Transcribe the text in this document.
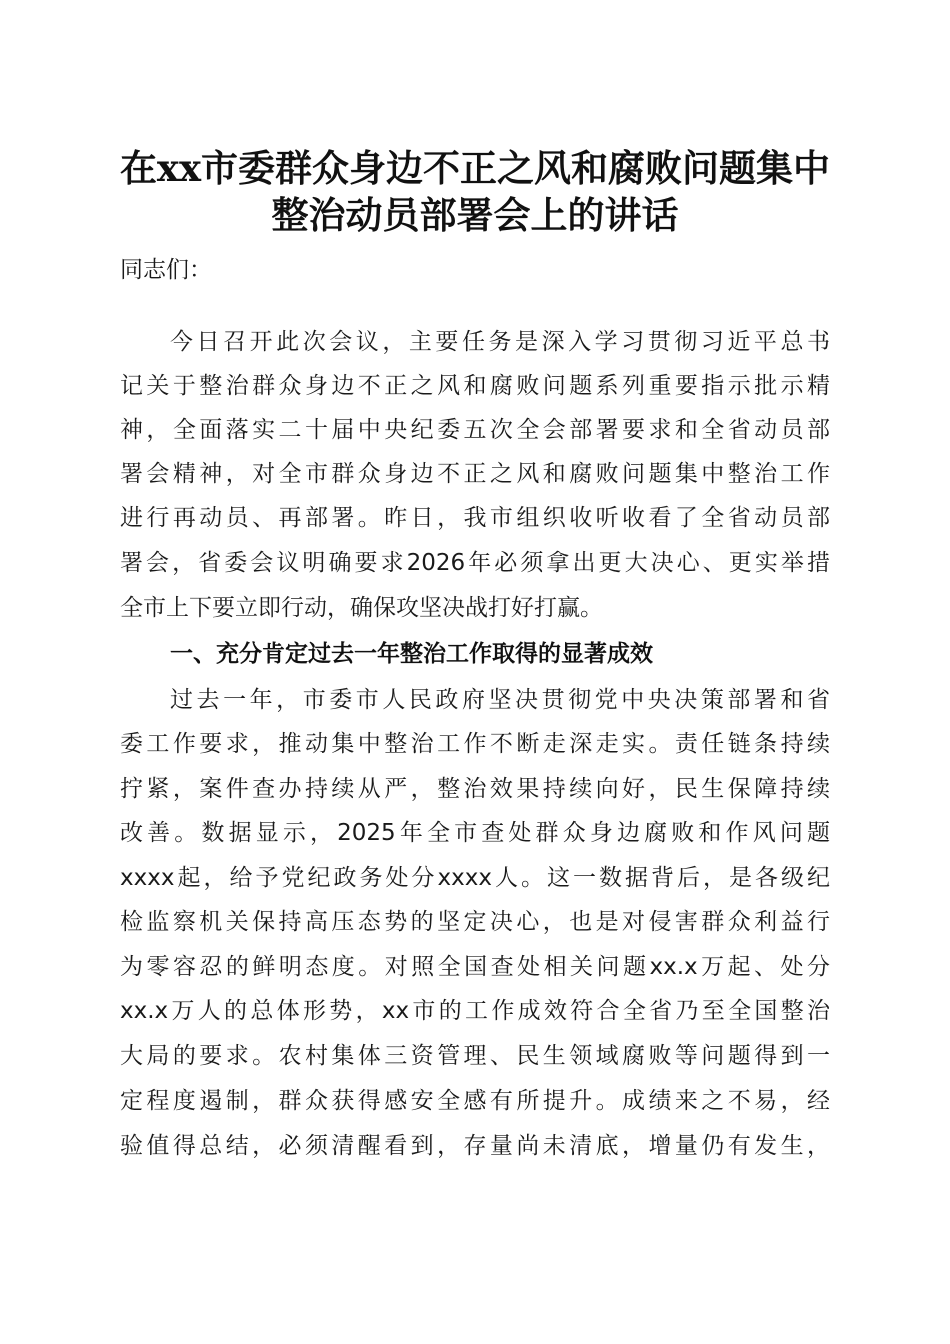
在xx市委群众身边不正之风和腐败问题集中
整治动员部署会上的讲话
同志们：
今日召开此次会议，主要任务是深入学习贯彻习近平总书
记关于整治群众身边不正之风和腐败问题系列重要指示批示精
神，全面落实二十届中央纪委五次全会部署要求和全省动员部
署会精神，对全市群众身边不正之风和腐败问题集中整治工作
进行再动员、再部署。昨日，我市组织收听收看了全省动员部
署会，省委会议明确要求2026年必须拿出更大决心、更实举措
全市上下要立即行动，确保攻坚决战打好打赢。
一、充分肯定过去一年整治工作取得的显著成效
过去一年，市委市人民政府坚决贯彻党中央决策部署和省
委工作要求，推动集中整治工作不断走深走实。责任链条持续
拧紧，案件查办持续从严，整治效果持续向好，民生保障持续
改善。数据显示，2025年全市查处群众身边腐败和作风问题
xxxx起，给予党纪政务处分xxxx人。这一数据背后，是各级纪
检监察机关保持高压态势的坚定决心，也是对侵害群众利益行
为零容忍的鲜明态度。对照全国查处相关问题xx.x万起、处分
xx.x万人的总体形势，xx市的工作成效符合全省乃至全国整治
大局的要求。农村集体三资管理、民生领域腐败等问题得到一
定程度遏制，群众获得感安全感有所提升。成绩来之不易，经
验值得总结，必须清醒看到，存量尚未清底，增量仍有发生，
